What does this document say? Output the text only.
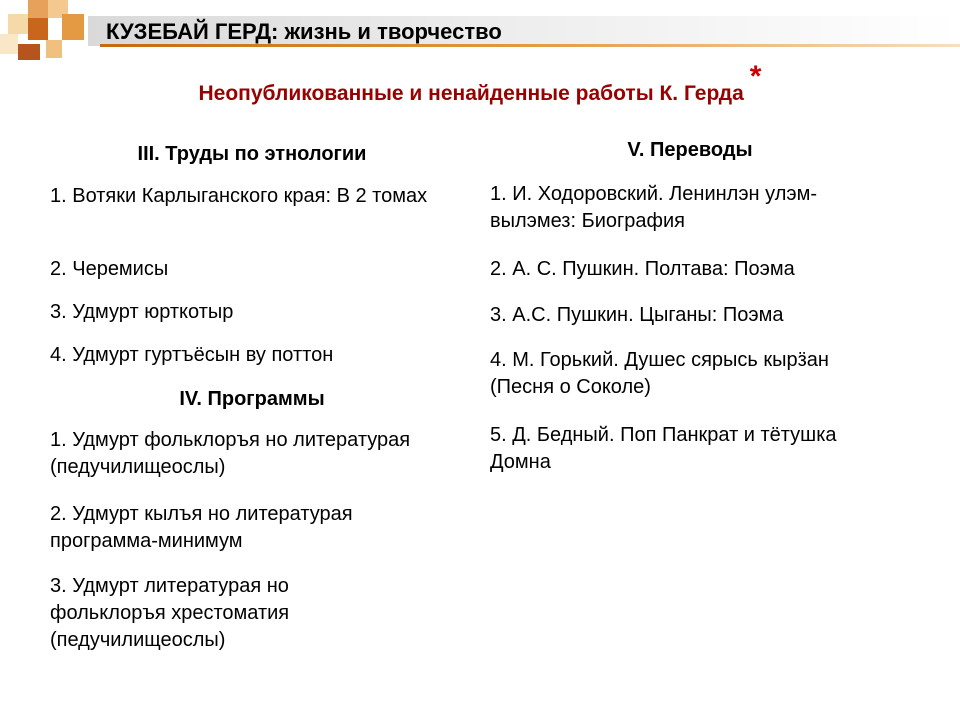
КУЗЕБАЙ ГЕРД: жизнь и творчество
Неопубликованные и ненайденные работы К. Герда*
III. Труды по этнологии
1. Вотяки Карлыганского края: В 2 томах
2. Черемисы
3. Удмурт юрткотыр
4. Удмурт гуртъёсын ву поттон
IV. Программы
1. Удмурт фольклоръя но литературая (педучилищеослы)
2. Удмурт кылъя но литературая программа-минимум
3. Удмурт литературая но фольклоръя хрестоматия (педучилищеослы)
V. Переводы
1. И. Ходоровский. Ленинлэн улэм-вылэмез: Биография
2. А. С. Пушкин. Полтава: Поэма
3. А.С. Пушкин. Цыганы: Поэма
4. М. Горький. Душес сярысь кырӟан (Песня о Соколе)
5. Д. Бедный. Поп Панкрат и тётушка Домна
